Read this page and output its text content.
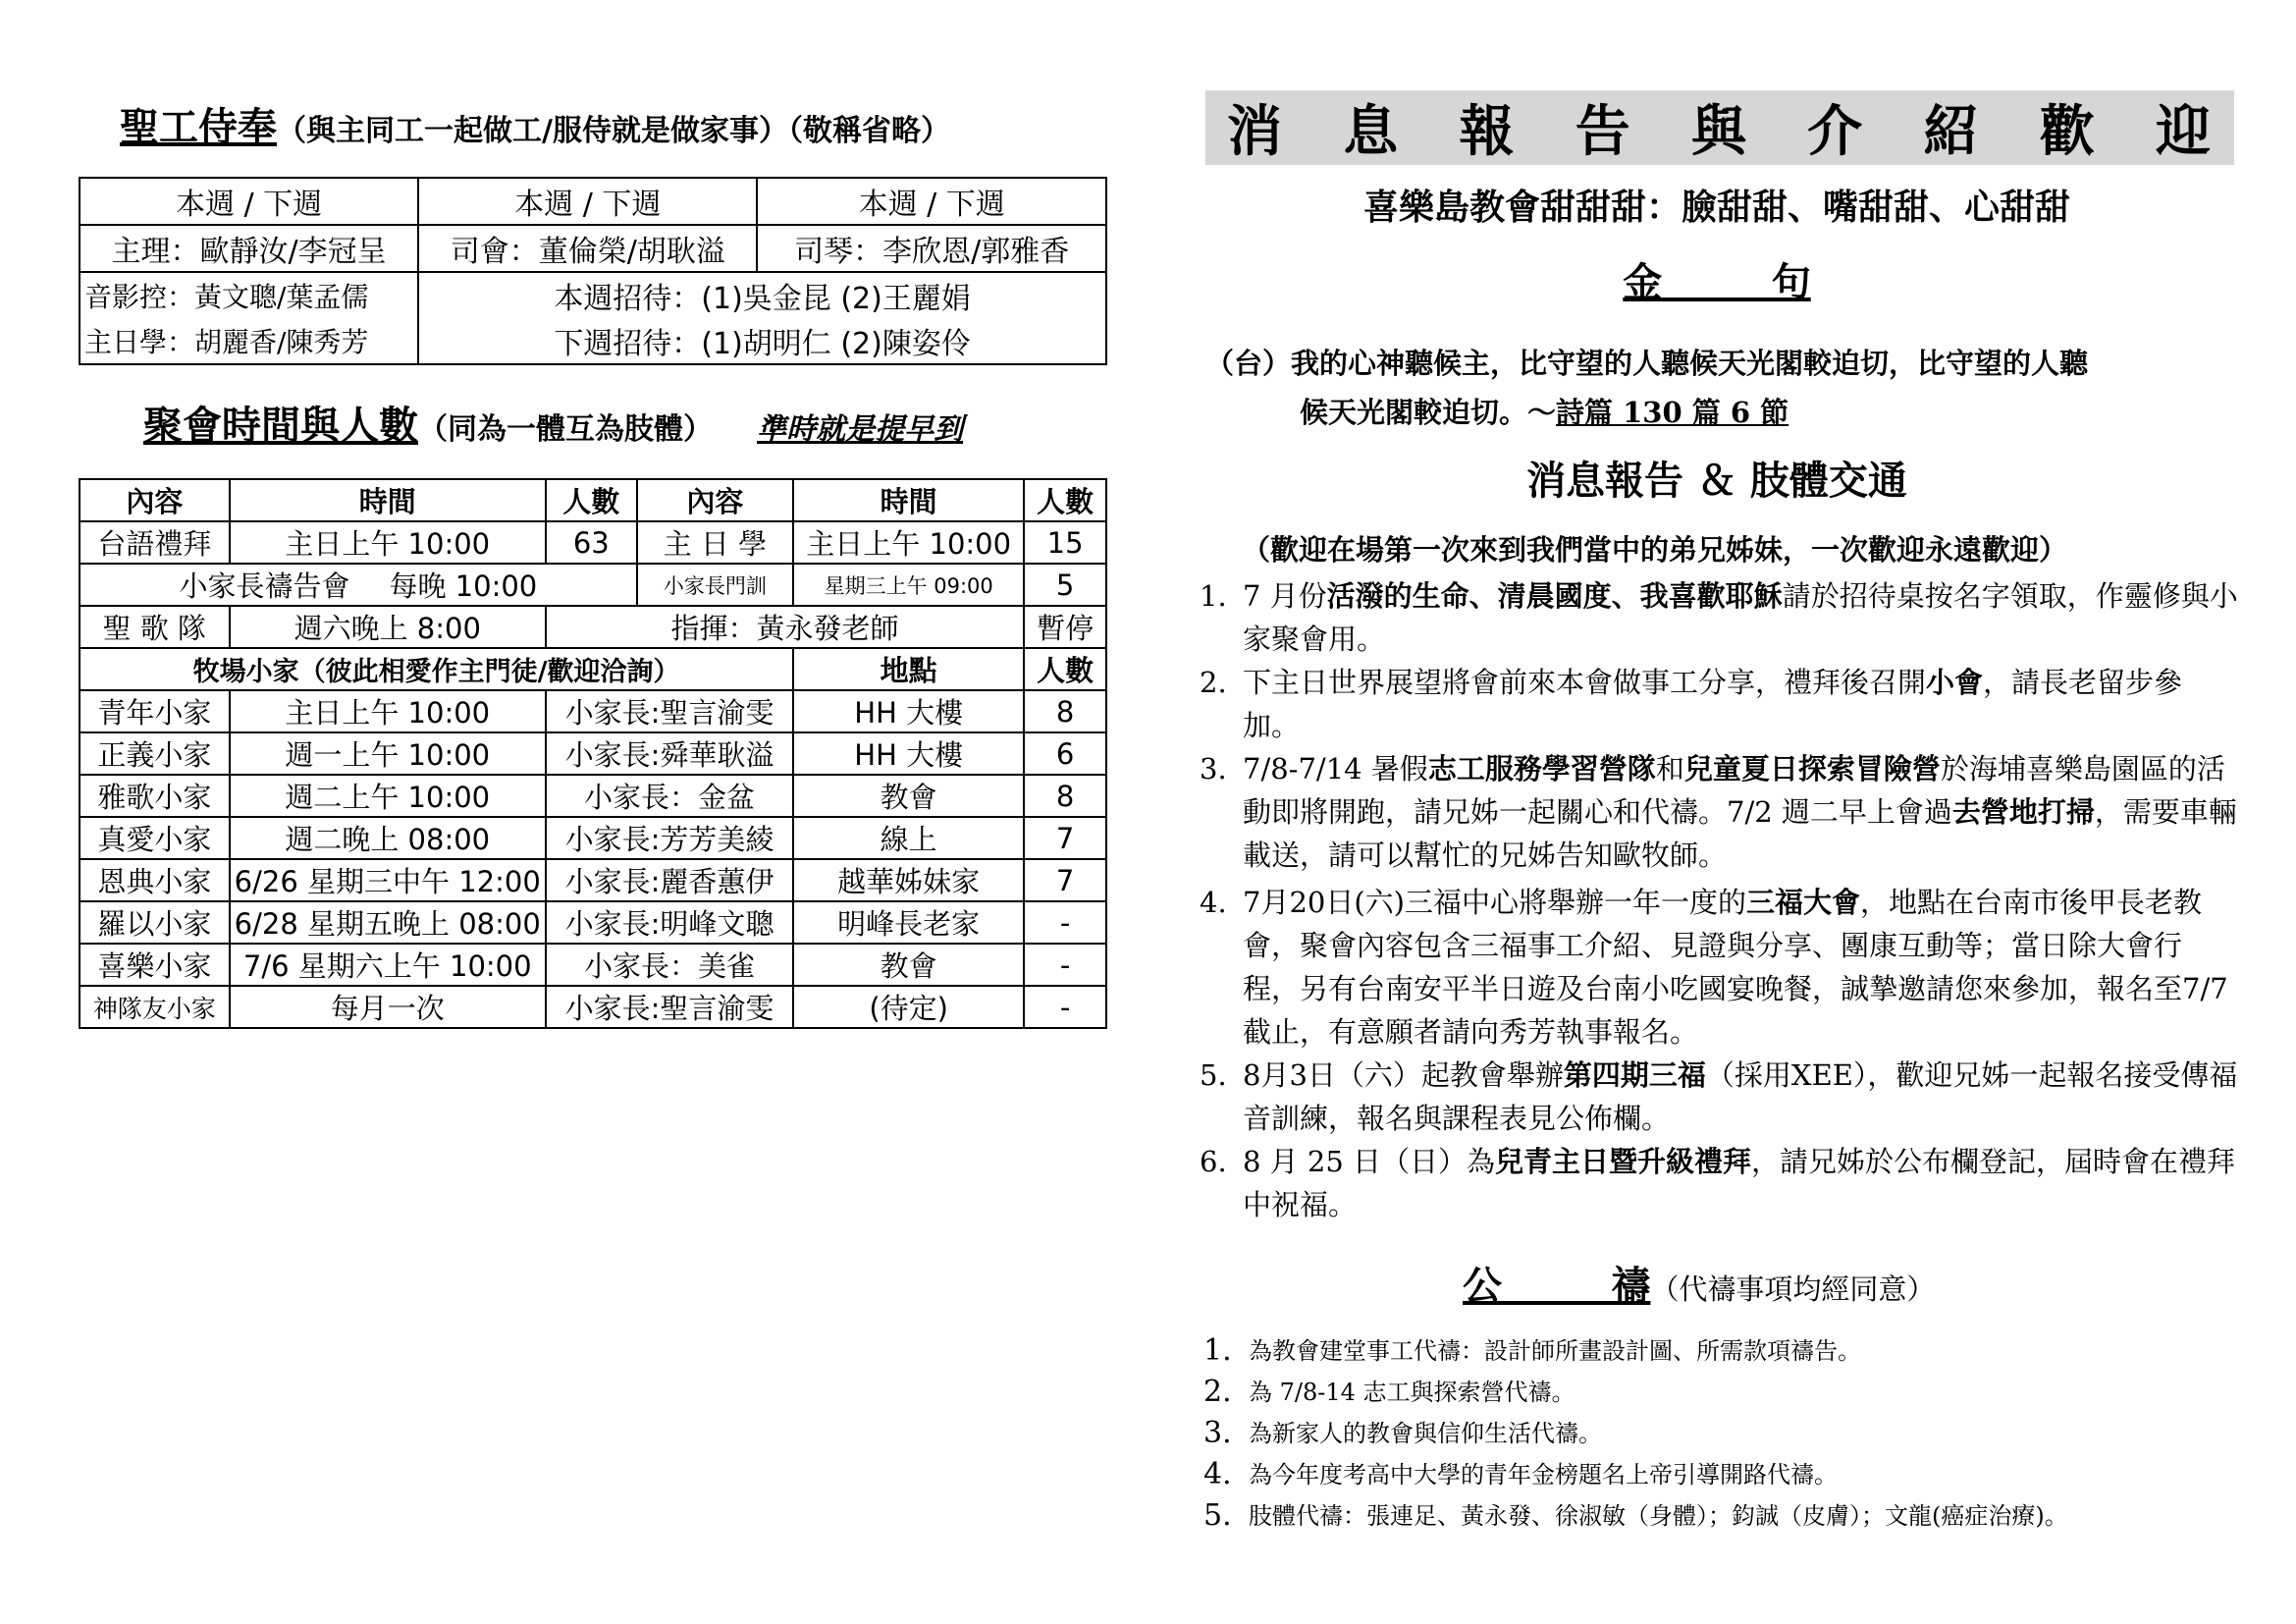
聖工侍奉（與主同工一起做工/服侍就是做家事）（敬稱省略）
本週 / 下週	本週 / 下週	本週 / 下週
主理：歐靜汝/李冠呈	司會：董倫榮/胡耿溢	司琴：李欣恩/郭雅香
音影控：黃文聰/葉孟儒	本週招待：(1)吳金昆 (2)王麗娟	
主日學：胡麗香/陳秀芳	下週招待：(1)胡明仁 (2)陳姿伶	
聚會時間與人數（同為一體互為肢體） 準時就是提早到
內容	時間	人數	內容	時間	人數
台語禮拜	主日上午 10:00	63	主 日 學	主日上午 10:00	15
小家長禱告會 每晚 10:00			小家長門訓	星期三上午 09:00	5
聖 歌 隊	週六晚上 8:00	指揮：黃永發老師			暫停
牧場小家（彼此相愛作主門徒/歡迎洽詢）				地點	人數
青年小家	主日上午 10:00	小家長:聖言渝雯		HH 大樓	8
正義小家	週一上午 10:00	小家長:舜華耿溢		HH 大樓	6
雅歌小家	週二上午 10:00	小家長：金盆		教會	8
真愛小家	週二晚上 08:00	小家長:芳芳美綾		線上	7
恩典小家	6/26 星期三中午 12:00	小家長:麗香蕙伊		越華姊妹家	7
羅以小家	6/28 星期五晚上 08:00	小家長:明峰文聰		明峰長老家	-
喜樂小家	7/6 星期六上午 10:00	小家長：美雀		教會	-
神隊友小家	每月一次	小家長:聖言渝雯		(待定)	-
消 息 報 告 與 介 紹 歡 迎
喜樂島教會甜甜甜：臉甜甜、嘴甜甜、心甜甜
金        句
（台）我的心神聽候主，比守望的人聽候天光閣較迫切，比守望的人聽
候天光閣較迫切。～詩篇 130 篇 6 節
消息報告 ＆ 肢體交通
（歡迎在場第一次來到我們當中的弟兄姊妹，一次歡迎永遠歡迎）
1. 7 月份活潑的生命、清晨國度、我喜歡耶穌請於招待桌按名字領取，作靈修與小家聚會用。
2. 下主日世界展望將會前來本會做事工分享，禮拜後召開小會，請長老留步參加。
3. 7/8-7/14 暑假志工服務學習營隊和兒童夏日探索冒險營於海埔喜樂島園區的活動即將開跑，請兄姊一起關心和代禱。7/2 週二早上會過去營地打掃，需要車輛載送，請可以幫忙的兄姊告知歐牧師。
4. 7月20日(六)三福中心將舉辦一年一度的三福大會，地點在台南市後甲長老教會，聚會內容包含三福事工介紹、見證與分享、團康互動等；當日除大會行程，另有台南安平半日遊及台南小吃國宴晚餐，誠摯邀請您來參加，報名至7/7截止，有意願者請向秀芳執事報名。
5. 8月3日（六）起教會舉辦第四期三福（採用XEE），歡迎兄姊一起報名接受傳福音訓練，報名與課程表見公佈欄。
6. 8 月 25 日（日）為兒青主日暨升級禮拜，請兄姊於公布欄登記，屆時會在禮拜中祝福。
公        禱（代禱事項均經同意）
1. 為教會建堂事工代禱：設計師所畫設計圖、所需款項禱告。
2. 為 7/8-14 志工與探索營代禱。
3. 為新家人的教會與信仰生活代禱。
4. 為今年度考高中大學的青年金榜題名上帝引導開路代禱。
5. 肢體代禱：張連足、黃永發、徐淑敏（身體）；鈞誠（皮膚）；文龍(癌症治療)。
